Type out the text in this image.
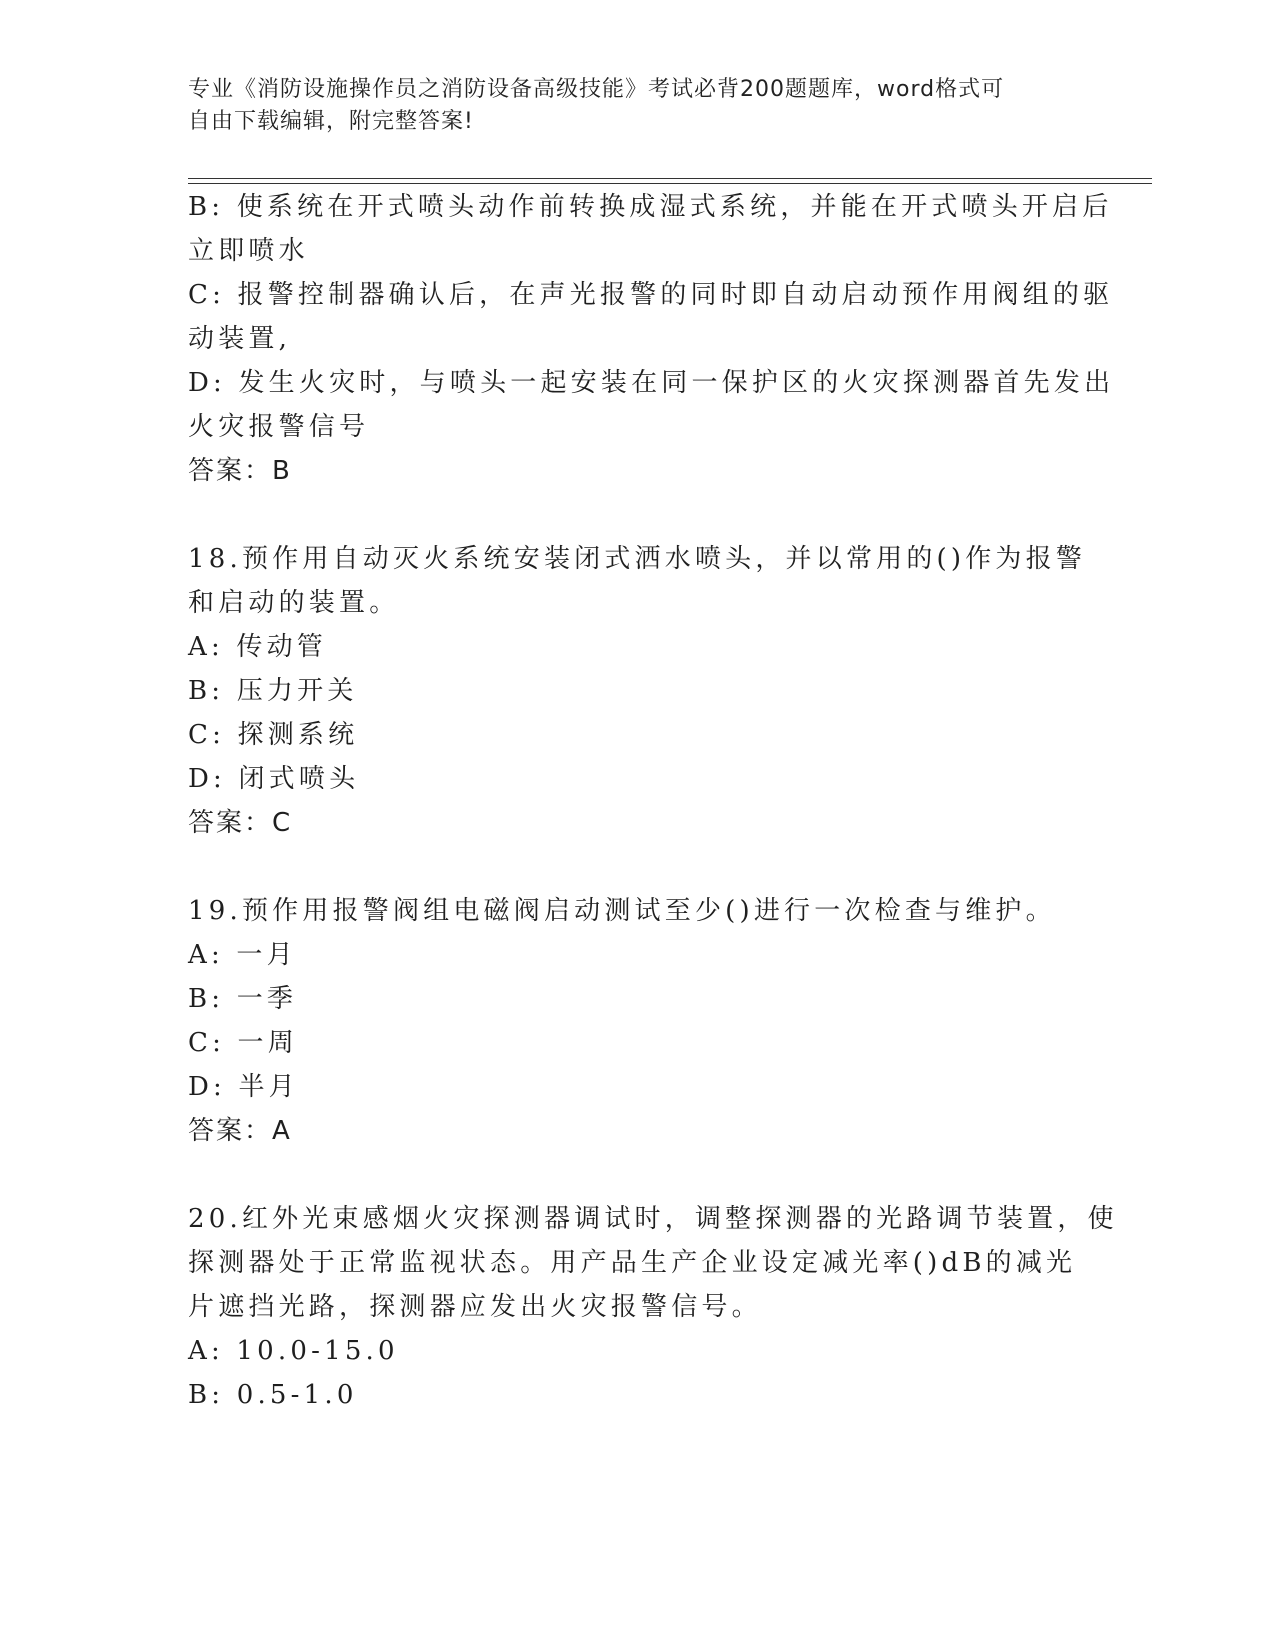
专业《消防设施操作员之消防设备高级技能》考试必背200题题库，word格式可
自由下载编辑，附完整答案!
B: 使系统在开式喷头动作前转换成湿式系统，并能在开式喷头开启后
立即喷水
C: 报警控制器确认后，在声光报警的同时即自动启动预作用阀组的驱
动装置,
D: 发生火灾时，与喷头一起安装在同一保护区的火灾探测器首先发出
火灾报警信号
答案：B
18.预作用自动灭火系统安装闭式洒水喷头，并以常用的()作为报警
和启动的装置。
A: 传动管
B: 压力开关
C: 探测系统
D: 闭式喷头
答案：C
19.预作用报警阀组电磁阀启动测试至少()进行一次检查与维护。
A: 一月
B: 一季
C: 一周
D: 半月
答案：A
20.红外光束感烟火灾探测器调试时，调整探测器的光路调节装置，使
探测器处于正常监视状态。用产品生产企业设定减光率()dB的减光
片遮挡光路，探测器应发出火灾报警信号。
A: 10.0-15.0
B: 0.5-1.0
